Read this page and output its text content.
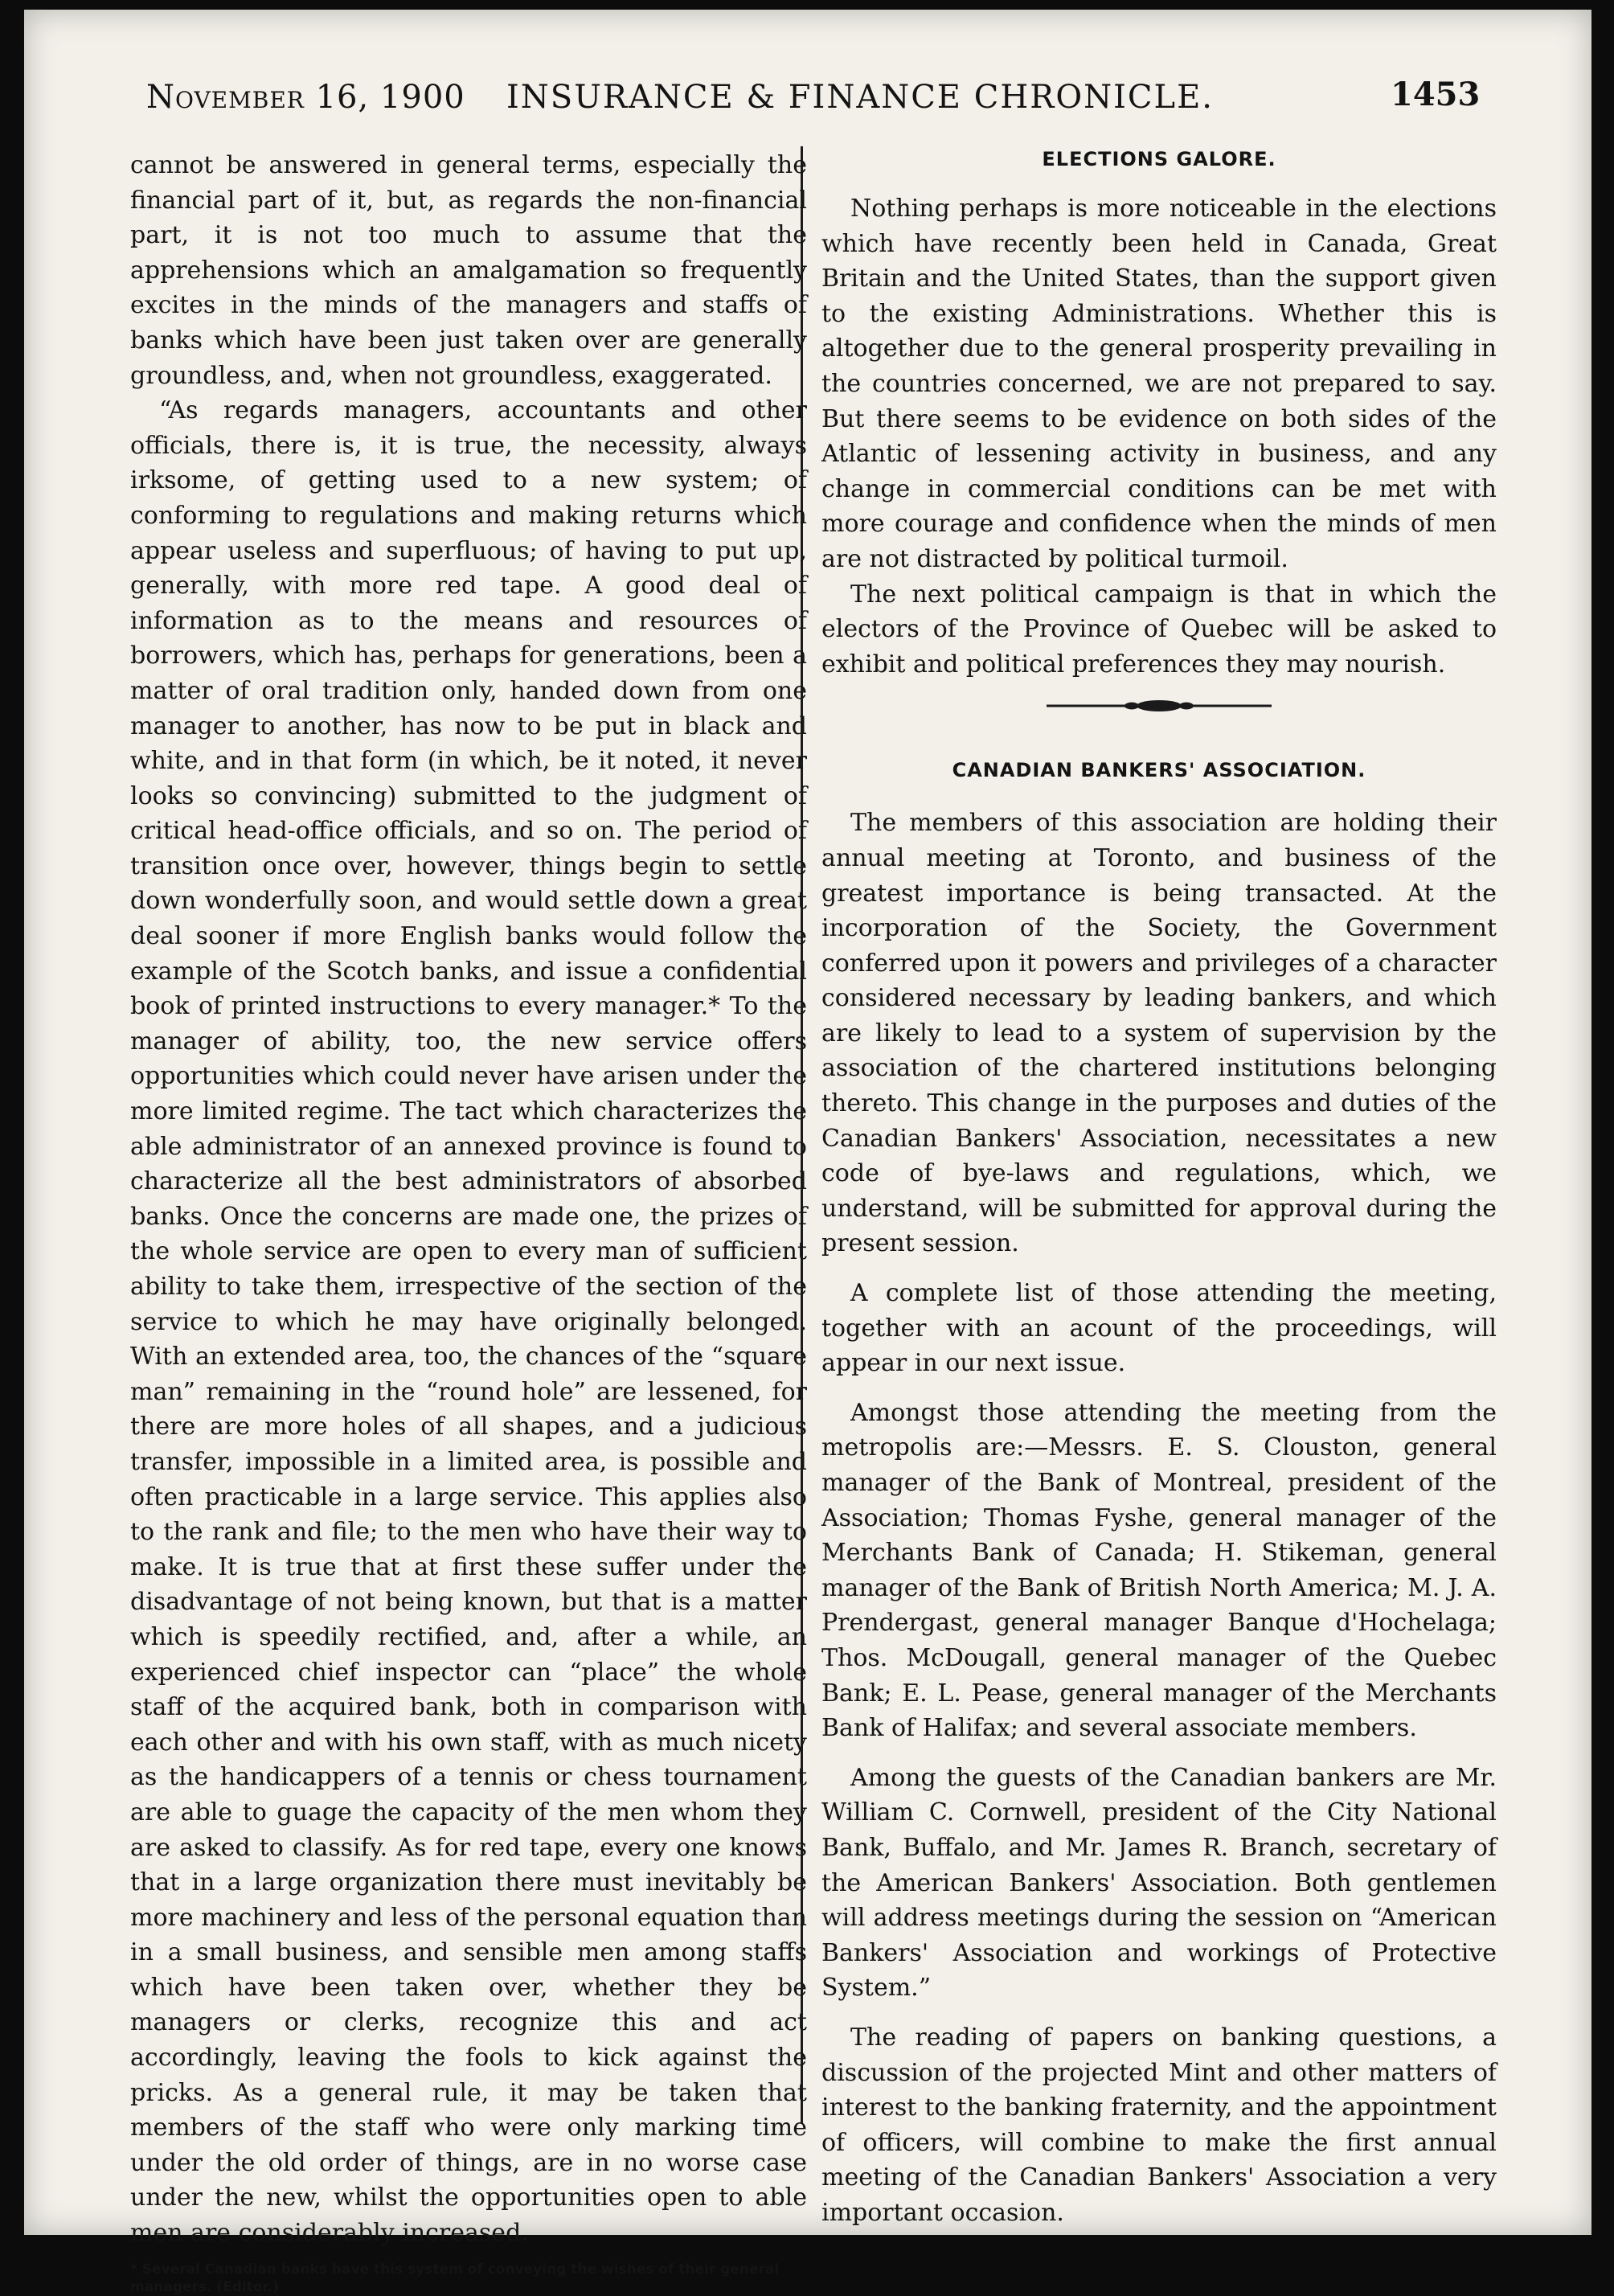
November 16, 1900 INSURANCE & FINANCE CHRONICLE.	1453

cannot be answered in general terms, especially the financial part of it, but, as regards the non-financial part, it is not too much to assume that the apprehensions which an amalgamation so frequently excites in the minds of the managers and staffs of banks which have been just taken over are generally groundless, and, when not groundless, exaggerated.

“As regards managers, accountants and other officials, there is, it is true, the necessity, always irksome, of getting used to a new system; of conforming to regulations and making returns which appear useless and superfluous; of having to put up, generally, with more red tape. A good deal of information as to the means and resources of borrowers, which has, perhaps for generations, been a matter of oral tradition only, handed down from one manager to another, has now to be put in black and white, and in that form (in which, be it noted, it never looks so convincing) submitted to the judgment of critical head-office officials, and so on. The period of transition once over, however, things begin to settle down wonderfully soon, and would settle down a great deal sooner if more English banks would follow the example of the Scotch banks, and issue a confidential book of printed instructions to every manager.* To the manager of ability, too, the new service offers opportunities which could never have arisen under the more limited regime. The tact which characterizes the able administrator of an annexed province is found to characterize all the best administrators of absorbed banks. Once the concerns are made one, the prizes of the whole service are open to every man of sufficient ability to take them, irrespective of the section of the service to which he may have originally belonged. With an extended area, too, the chances of the “square man” remaining in the “round hole” are lessened, for there are more holes of all shapes, and a judicious transfer, impossible in a limited area, is possible and often practicable in a large service. This applies also to the rank and file; to the men who have their way to make. It is true that at first these suffer under the disadvantage of not being known, but that is a matter which is speedily rectified, and, after a while, an experienced chief inspector can “place” the whole staff of the acquired bank, both in comparison with each other and with his own staff, with as much nicety as the handicappers of a tennis or chess tournament are able to guage the capacity of the men whom they are asked to classify. As for red tape, every one knows that in a large organization there must inevitably be more machinery and less of the personal equation than in a small business, and sensible men among staffs which have been taken over, whether they be managers or clerks, recognize this and act accordingly, leaving the fools to kick against the pricks. As a general rule, it may be taken that members of the staff who were only marking time under the old order of things, are in no worse case under the new, whilst the opportunities open to able men are considerably increased.

* Several Canadian banks have this system of conveying the wishes of their general managers. (Editor.)
ELECTIONS GALORE.

Nothing perhaps is more noticeable in the elections which have recently been held in Canada, Great Britain and the United States, than the support given to the existing Administrations. Whether this is altogether due to the general prosperity prevailing in the countries concerned, we are not prepared to say. But there seems to be evidence on both sides of the Atlantic of lessening activity in business, and any change in commercial conditions can be met with more courage and confidence when the minds of men are not distracted by political turmoil.

The next political campaign is that in which the electors of the Province of Quebec will be asked to exhibit and political preferences they may nourish.

CANADIAN BANKERS' ASSOCIATION.

The members of this association are holding their annual meeting at Toronto, and business of the greatest importance is being transacted. At the incorporation of the Society, the Government conferred upon it powers and privileges of a character considered necessary by leading bankers, and which are likely to lead to a system of supervision by the association of the chartered institutions belonging thereto. This change in the purposes and duties of the Canadian Bankers' Association, necessitates a new code of bye-laws and regulations, which, we understand, will be submitted for approval during the present session.

A complete list of those attending the meeting, together with an acount of the proceedings, will appear in our next issue.

Amongst those attending the meeting from the metropolis are:—Messrs. E. S. Clouston, general manager of the Bank of Montreal, president of the Association; Thomas Fyshe, general manager of the Merchants Bank of Canada; H. Stikeman, general manager of the Bank of British North America; M. J. A. Prendergast, general manager Banque d'Hochelaga; Thos. McDougall, general manager of the Quebec Bank; E. L. Pease, general manager of the Merchants Bank of Halifax; and several associate members.

Among the guests of the Canadian bankers are Mr. William C. Cornwell, president of the City National Bank, Buffalo, and Mr. James R. Branch, secretary of the American Bankers' Association. Both gentlemen will address meetings during the session on “American Bankers' Association and workings of Protective System.”

The reading of papers on banking questions, a discussion of the projected Mint and other matters of interest to the banking fraternity, and the appointment of officers, will combine to make the first annual meeting of the Canadian Bankers' Association a very important occasion.
